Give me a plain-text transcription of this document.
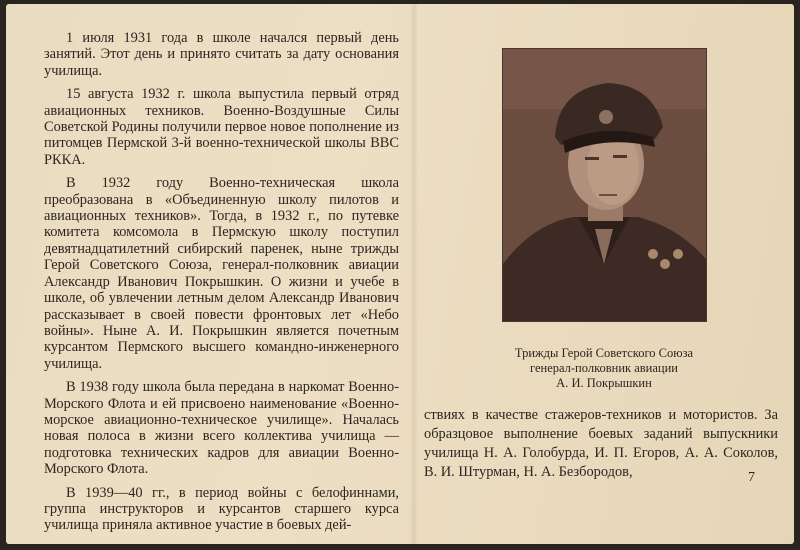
1 июля 1931 года в школе начался первый день занятий. Этот день и принято считать за дату основания училища.

15 августа 1932 г. школа выпустила первый отряд авиационных техников. Военно-Воздушные Силы Советской Родины получили первое новое пополнение из питомцев Пермской 3-й военно-технической школы ВВС РККА.

В 1932 году Военно-техническая школа преобразована в «Объединенную школу пилотов и авиационных техников». Тогда, в 1932 г., по путевке комитета комсомола в Пермскую школу поступил девятнадцатилетний сибирский паренек, ныне трижды Герой Советского Союза, генерал-полковник авиации Александр Иванович Покрышкин. О жизни и учебе в школе, об увлечении летным делом Александр Иванович рассказывает в своей повести фронтовых лет «Небо войны». Ныне А. И. Покрышкин является почетным курсантом Пермского высшего командно-инженерного училища.

В 1938 году школа была передана в наркомат Военно-Морского Флота и ей присвоено наименование «Военно-морское авиационно-техническое училище». Началась новая полоса в жизни всего коллектива училища — подготовка технических кадров для авиации Военно-Морского Флота.

В 1939—40 гг., в период войны с белофиннами, группа инструкторов и курсантов старшего курса училища приняла активное участие в боевых дей-

Трижды Герой Советского Союза
генерал-полковник авиации
А. И. Покрышкин

ствиях в качестве стажеров-техников и мотористов. За образцовое выполнение боевых заданий выпускники училища Н. А. Голобурда, И. П. Егоров, А. А. Соколов, В. И. Штурман, Н. А. Безбородов,	7
